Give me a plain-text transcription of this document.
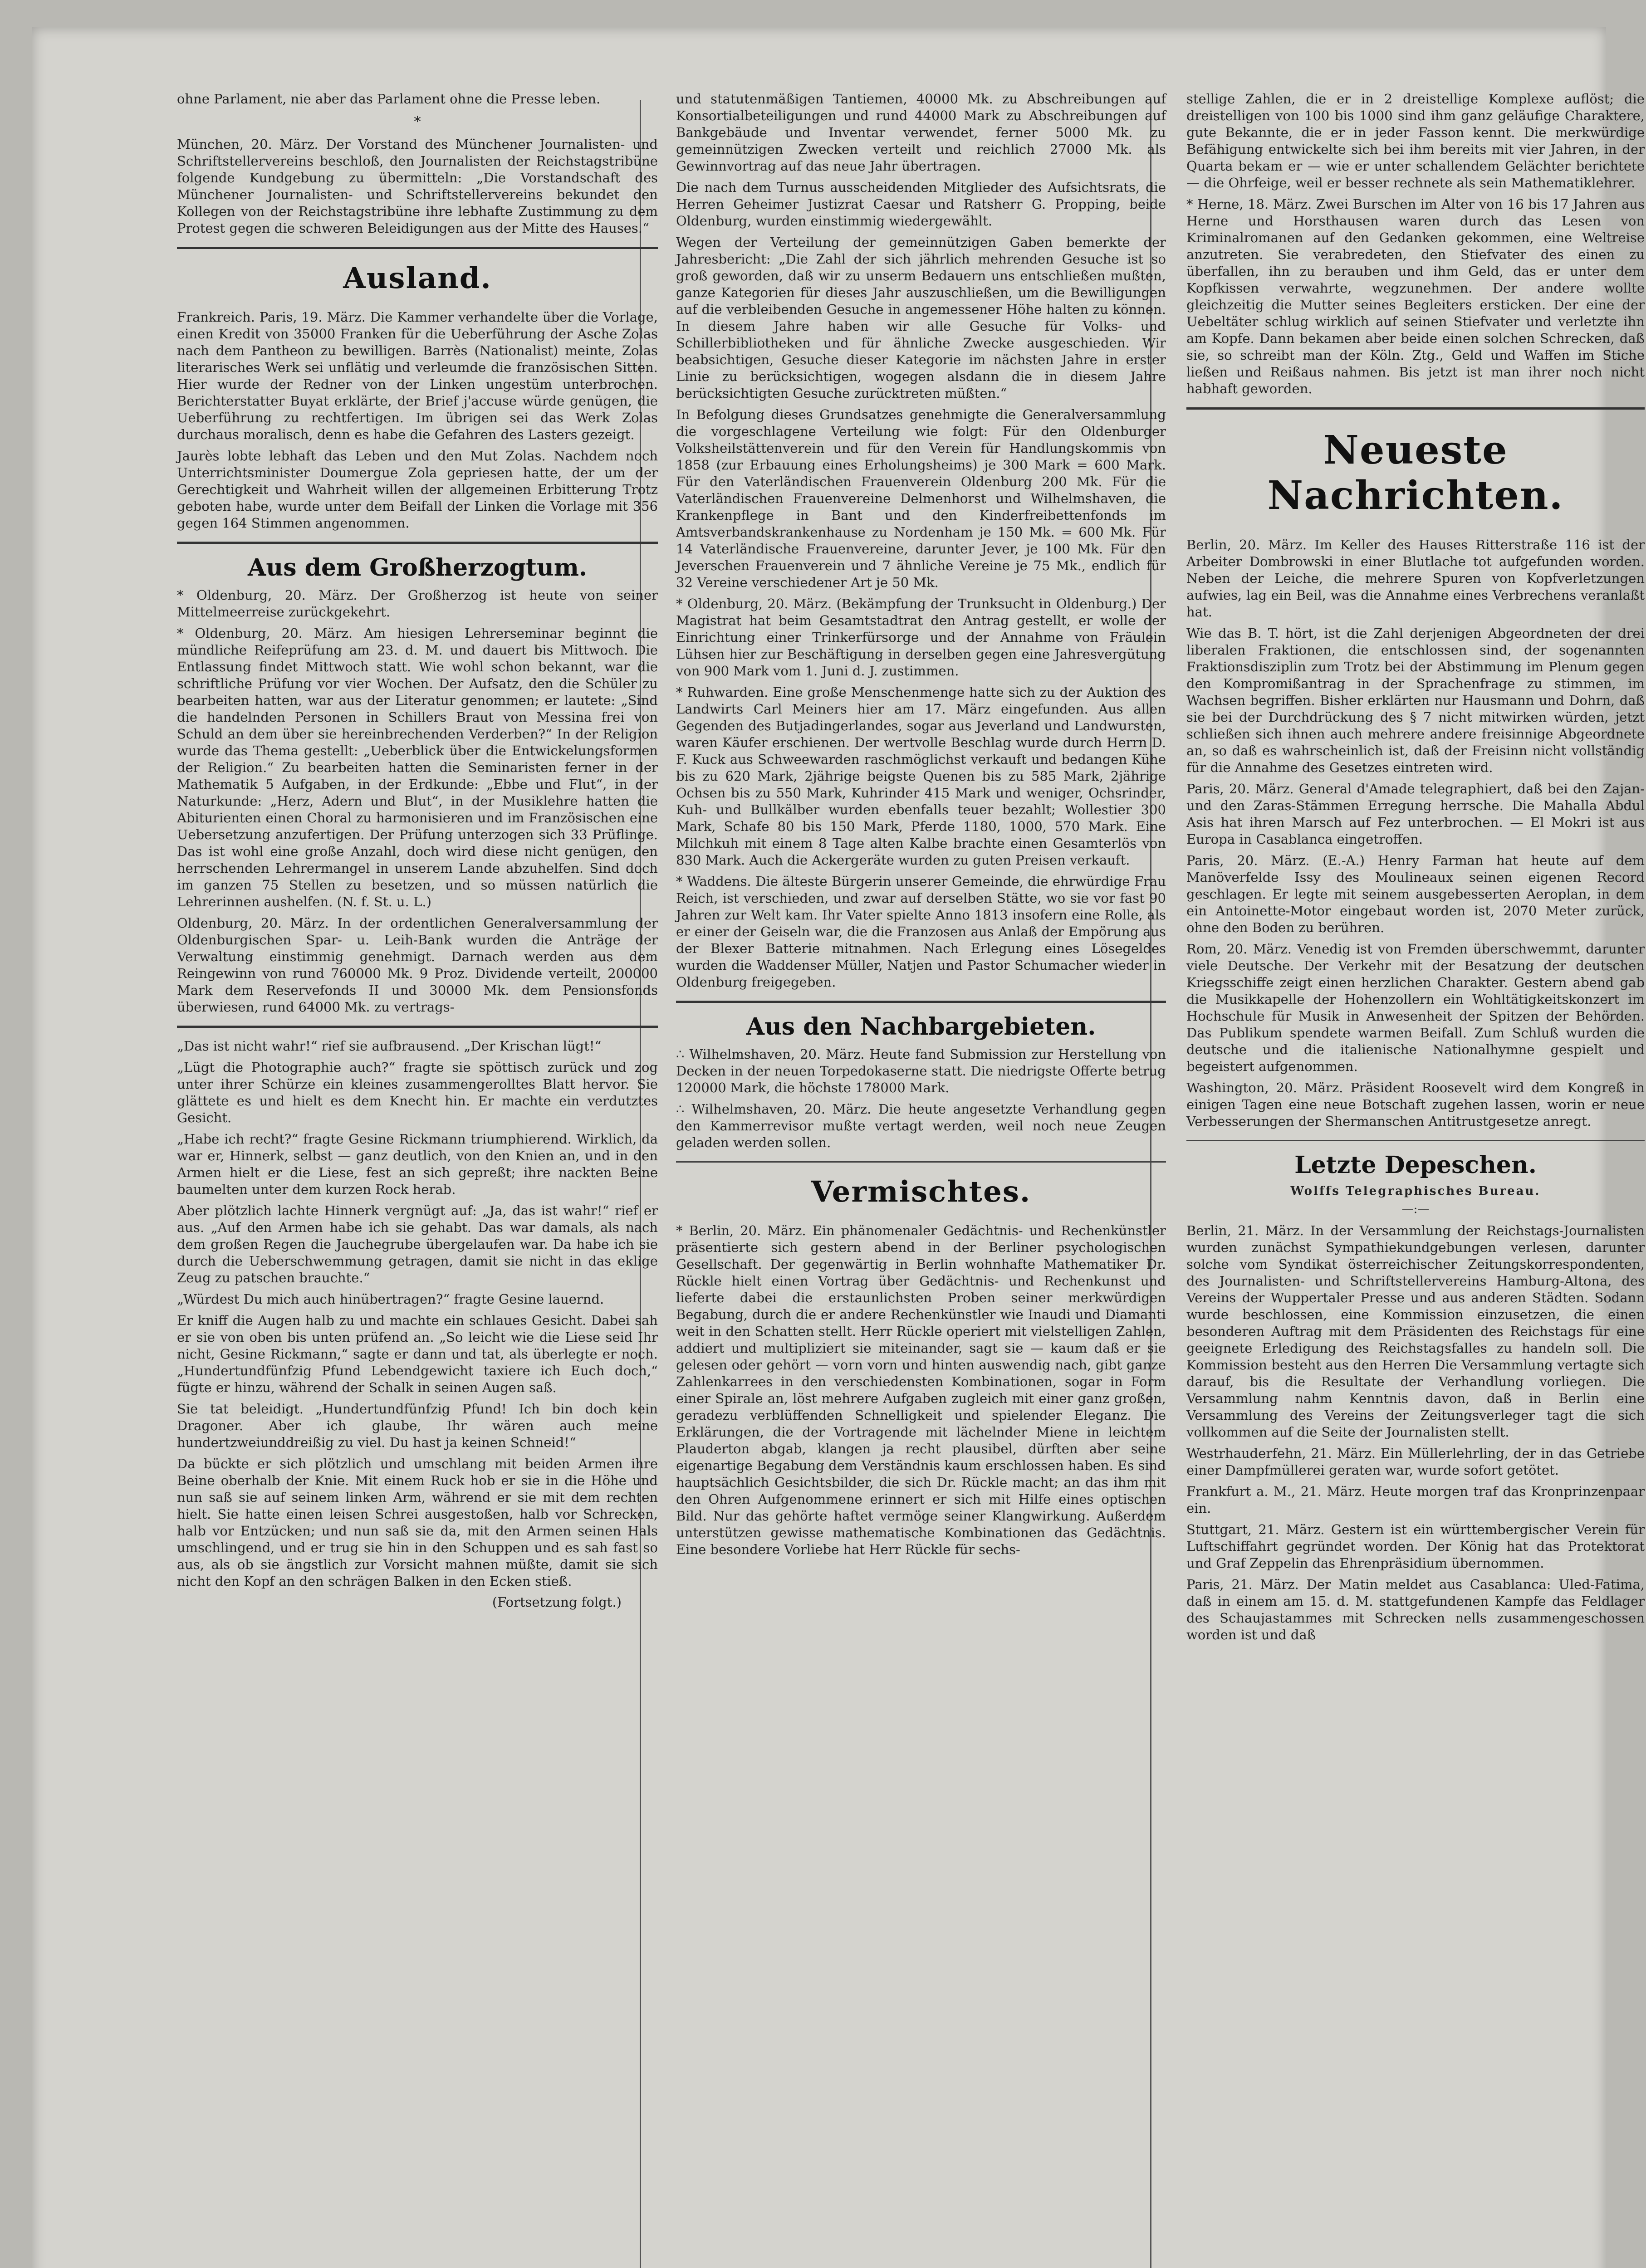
ohne Parlament, nie aber das Parlament ohne die Presse leben.

*

München, 20. März. Der Vorstand des Münchener Journalisten- und Schriftstellervereins beschloß, den Journalisten der Reichstagstribüne folgende Kundgebung zu übermitteln: „Die Vorstandschaft des Münchener Journalisten- und Schriftstellervereins bekundet den Kollegen von der Reichstagstribüne ihre lebhafte Zustimmung zu dem Protest gegen die schweren Beleidigungen aus der Mitte des Hauses.“

Ausland.

Frankreich. Paris, 19. März. Die Kammer verhandelte über die Vorlage, einen Kredit von 35000 Franken für die Ueberführung der Asche Zolas nach dem Pantheon zu bewilligen. Barrès (Nationalist) meinte, Zolas literarisches Werk sei unflätig und verleumde die französischen Sitten. Hier wurde der Redner von der Linken ungestüm unterbrochen. Berichterstatter Buyat erklärte, der Brief j'accuse würde genügen, die Ueberführung zu rechtfertigen. Im übrigen sei das Werk Zolas durchaus moralisch, denn es habe die Gefahren des Lasters gezeigt.

Jaurès lobte lebhaft das Leben und den Mut Zolas. Nachdem noch Unterrichtsminister Doumergue Zola gepriesen hatte, der um der Gerechtigkeit und Wahrheit willen der allgemeinen Erbitterung Trotz geboten habe, wurde unter dem Beifall der Linken die Vorlage mit 356 gegen 164 Stimmen angenommen.

Aus dem Großherzogtum.

* Oldenburg, 20. März. Der Großherzog ist heute von seiner Mittelmeerreise zurückgekehrt.

* Oldenburg, 20. März. Am hiesigen Lehrerseminar beginnt die mündliche Reifeprüfung am 23. d. M. und dauert bis Mittwoch. Die Entlassung findet Mittwoch statt. Wie wohl schon bekannt, war die schriftliche Prüfung vor vier Wochen. Der Aufsatz, den die Schüler zu bearbeiten hatten, war aus der Literatur genommen; er lautete: „Sind die handelnden Personen in Schillers Braut von Messina frei von Schuld an dem über sie hereinbrechenden Verderben?“ In der Religion wurde das Thema gestellt: „Ueberblick über die Entwickelungsformen der Religion.“ Zu bearbeiten hatten die Seminaristen ferner in der Mathematik 5 Aufgaben, in der Erdkunde: „Ebbe und Flut“, in der Naturkunde: „Herz, Adern und Blut“, in der Musiklehre hatten die Abiturienten einen Choral zu harmonisieren und im Französischen eine Uebersetzung anzufertigen. Der Prüfung unterzogen sich 33 Prüflinge. Das ist wohl eine große Anzahl, doch wird diese nicht genügen, den herrschenden Lehrermangel in unserem Lande abzuhelfen. Sind doch im ganzen 75 Stellen zu besetzen, und so müssen natürlich die Lehrerinnen aushelfen. (N. f. St. u. L.)

Oldenburg, 20. März. In der ordentlichen Generalversammlung der Oldenburgischen Spar- u. Leih-Bank wurden die Anträge der Verwaltung einstimmig genehmigt. Darnach werden aus dem Reingewinn von rund 760000 Mk. 9 Proz. Dividende verteilt, 200000 Mark dem Reservefonds II und 30000 Mk. dem Pensionsfonds überwiesen, rund 64000 Mk. zu vertrags-

„Das ist nicht wahr!“ rief sie aufbrausend. „Der Krischan lügt!“

„Lügt die Photographie auch?“ fragte sie spöttisch zurück und zog unter ihrer Schürze ein kleines zusammengerolltes Blatt hervor. Sie glättete es und hielt es dem Knecht hin. Er machte ein verdutztes Gesicht.

„Habe ich recht?“ fragte Gesine Rickmann triumphierend. Wirklich, da war er, Hinnerk, selbst — ganz deutlich, von den Knien an, und in den Armen hielt er die Liese, fest an sich gepreßt; ihre nackten Beine baumelten unter dem kurzen Rock herab.

Aber plötzlich lachte Hinnerk vergnügt auf: „Ja, das ist wahr!“ rief er aus. „Auf den Armen habe ich sie gehabt. Das war damals, als nach dem großen Regen die Jauchegrube übergelaufen war. Da habe ich sie durch die Ueberschwemmung getragen, damit sie nicht in das eklige Zeug zu patschen brauchte.“

„Würdest Du mich auch hinübertragen?“ fragte Gesine lauernd.

Er kniff die Augen halb zu und machte ein schlaues Gesicht. Dabei sah er sie von oben bis unten prüfend an. „So leicht wie die Liese seid Ihr nicht, Gesine Rickmann,“ sagte er dann und tat, als überlegte er noch. „Hundertundfünfzig Pfund Lebendgewicht taxiere ich Euch doch,“ fügte er hinzu, während der Schalk in seinen Augen saß.

Sie tat beleidigt. „Hundertundfünfzig Pfund! Ich bin doch kein Dragoner. Aber ich glaube, Ihr wären auch meine hundertzweiunddreißig zu viel. Du hast ja keinen Schneid!“

Da bückte er sich plötzlich und umschlang mit beiden Armen ihre Beine oberhalb der Knie. Mit einem Ruck hob er sie in die Höhe und nun saß sie auf seinem linken Arm, während er sie mit dem rechten hielt. Sie hatte einen leisen Schrei ausgestoßen, halb vor Schrecken, halb vor Entzücken; und nun saß sie da, mit den Armen seinen Hals umschlingend, und er trug sie hin in den Schuppen und es sah fast so aus, als ob sie ängstlich zur Vorsicht mahnen müßte, damit sie sich nicht den Kopf an den schrägen Balken in den Ecken stieß.

(Fortsetzung folgt.)

und statutenmäßigen Tantiemen, 40000 Mk. zu Abschreibungen auf Konsortialbeteiligungen und rund 44000 Mark zu Abschreibungen auf Bankgebäude und Inventar verwendet, ferner 5000 Mk. zu gemeinnützigen Zwecken verteilt und reichlich 27000 Mk. als Gewinnvortrag auf das neue Jahr übertragen.

Die nach dem Turnus ausscheidenden Mitglieder des Aufsichtsrats, die Herren Geheimer Justizrat Caesar und Ratsherr G. Propping, beide Oldenburg, wurden einstimmig wiedergewählt.

Wegen der Verteilung der gemeinnützigen Gaben bemerkte der Jahresbericht: „Die Zahl der sich jährlich mehrenden Gesuche ist so groß geworden, daß wir zu unserm Bedauern uns entschließen mußten, ganze Kategorien für dieses Jahr auszuschließen, um die Bewilligungen auf die verbleibenden Gesuche in angemessener Höhe halten zu können. In diesem Jahre haben wir alle Gesuche für Volks- und Schillerbibliotheken und für ähnliche Zwecke ausgeschieden. Wir beabsichtigen, Gesuche dieser Kategorie im nächsten Jahre in erster Linie zu berücksichtigen, wogegen alsdann die in diesem Jahre berücksichtigten Gesuche zurücktreten müßten.“

In Befolgung dieses Grundsatzes genehmigte die Generalversammlung die vorgeschlagene Verteilung wie folgt: Für den Oldenburger Volksheilstättenverein und für den Verein für Handlungskommis von 1858 (zur Erbauung eines Erholungsheims) je 300 Mark = 600 Mark. Für den Vaterländischen Frauenverein Oldenburg 200 Mk. Für die Vaterländischen Frauenvereine Delmenhorst und Wilhelmshaven, die Krankenpflege in Bant und den Kinderfreibettenfonds im Amtsverbandskrankenhause zu Nordenham je 150 Mk. = 600 Mk. Für 14 Vaterländische Frauenvereine, darunter Jever, je 100 Mk. Für den Jeverschen Frauenverein und 7 ähnliche Vereine je 75 Mk., endlich für 32 Vereine verschiedener Art je 50 Mk.

* Oldenburg, 20. März. (Bekämpfung der Trunksucht in Oldenburg.) Der Magistrat hat beim Gesamtstadtrat den Antrag gestellt, er wolle der Einrichtung einer Trinkerfürsorge und der Annahme von Fräulein Lühsen hier zur Beschäftigung in derselben gegen eine Jahresvergütung von 900 Mark vom 1. Juni d. J. zustimmen.

* Ruhwarden. Eine große Menschenmenge hatte sich zu der Auktion des Landwirts Carl Meiners hier am 17. März eingefunden. Aus allen Gegenden des Butjadingerlandes, sogar aus Jeverland und Landwursten, waren Käufer erschienen. Der wertvolle Beschlag wurde durch Herrn D. F. Kuck aus Schweewarden raschmöglichst verkauft und bedangen Kühe bis zu 620 Mark, 2jährige beigste Quenen bis zu 585 Mark, 2jährige Ochsen bis zu 550 Mark, Kuhrinder 415 Mark und weniger, Ochsrinder, Kuh- und Bullkälber wurden ebenfalls teuer bezahlt; Wollestier 300 Mark, Schafe 80 bis 150 Mark, Pferde 1180, 1000, 570 Mark. Eine Milchkuh mit einem 8 Tage alten Kalbe brachte einen Gesamterlös von 830 Mark. Auch die Ackergeräte wurden zu guten Preisen verkauft.

* Waddens. Die älteste Bürgerin unserer Gemeinde, die ehrwürdige Frau Reich, ist verschieden, und zwar auf derselben Stätte, wo sie vor fast 90 Jahren zur Welt kam. Ihr Vater spielte Anno 1813 insofern eine Rolle, als er einer der Geiseln war, die die Franzosen aus Anlaß der Empörung aus der Blexer Batterie mitnahmen. Nach Erlegung eines Lösegeldes wurden die Waddenser Müller, Natjen und Pastor Schumacher wieder in Oldenburg freigegeben.

Aus den Nachbargebieten.

∴ Wilhelmshaven, 20. März. Heute fand Submission zur Herstellung von Decken in der neuen Torpedokaserne statt. Die niedrigste Offerte betrug 120000 Mark, die höchste 178000 Mark.

∴ Wilhelmshaven, 20. März. Die heute angesetzte Verhandlung gegen den Kammerrevisor mußte vertagt werden, weil noch neue Zeugen geladen werden sollen.

Vermischtes.

* Berlin, 20. März. Ein phänomenaler Gedächtnis- und Rechenkünstler präsentierte sich gestern abend in der Berliner psychologischen Gesellschaft. Der gegenwärtig in Berlin wohnhafte Mathematiker Dr. Rückle hielt einen Vortrag über Gedächtnis- und Rechenkunst und lieferte dabei die erstaunlichsten Proben seiner merkwürdigen Begabung, durch die er andere Rechenkünstler wie Inaudi und Diamanti weit in den Schatten stellt. Herr Rückle operiert mit vielstelligen Zahlen, addiert und multipliziert sie miteinander, sagt sie — kaum daß er sie gelesen oder gehört — vorn vorn und hinten auswendig nach, gibt ganze Zahlenkarrees in den verschiedensten Kombinationen, sogar in Form einer Spirale an, löst mehrere Aufgaben zugleich mit einer ganz großen, geradezu verblüffenden Schnelligkeit und spielender Eleganz. Die Erklärungen, die der Vortragende mit lächelnder Miene in leichtem Plauderton abgab, klangen ja recht plausibel, dürften aber seine eigenartige Begabung dem Verständnis kaum erschlossen haben. Es sind hauptsächlich Gesichtsbilder, die sich Dr. Rückle macht; an das ihm mit den Ohren Aufgenommene erinnert er sich mit Hilfe eines optischen Bild. Nur das gehörte haftet vermöge seiner Klangwirkung. Außerdem unterstützen gewisse mathematische Kombinationen das Gedächtnis. Eine besondere Vorliebe hat Herr Rückle für sechs-

stellige Zahlen, die er in 2 dreistellige Komplexe auflöst; die dreistelligen von 100 bis 1000 sind ihm ganz geläufige Charaktere, gute Bekannte, die er in jeder Fasson kennt. Die merkwürdige Befähigung entwickelte sich bei ihm bereits mit vier Jahren, in der Quarta bekam er — wie er unter schallendem Gelächter berichtete — die Ohrfeige, weil er besser rechnete als sein Mathematiklehrer.

* Herne, 18. März. Zwei Burschen im Alter von 16 bis 17 Jahren aus Herne und Horsthausen waren durch das Lesen von Kriminalromanen auf den Gedanken gekommen, eine Weltreise anzutreten. Sie verabredeten, den Stiefvater des einen zu überfallen, ihn zu berauben und ihm Geld, das er unter dem Kopfkissen verwahrte, wegzunehmen. Der andere wollte gleichzeitig die Mutter seines Begleiters ersticken. Der eine der Uebeltäter schlug wirklich auf seinen Stiefvater und verletzte ihn am Kopfe. Dann bekamen aber beide einen solchen Schrecken, daß sie, so schreibt man der Köln. Ztg., Geld und Waffen im Stiche ließen und Reißaus nahmen. Bis jetzt ist man ihrer noch nicht habhaft geworden.

Neueste Nachrichten.

Berlin, 20. März. Im Keller des Hauses Ritterstraße 116 ist der Arbeiter Dombrowski in einer Blutlache tot aufgefunden worden. Neben der Leiche, die mehrere Spuren von Kopfverletzungen aufwies, lag ein Beil, was die Annahme eines Verbrechens veranlaßt hat.

Wie das B. T. hört, ist die Zahl derjenigen Abgeordneten der drei liberalen Fraktionen, die entschlossen sind, der sogenannten Fraktionsdisziplin zum Trotz bei der Abstimmung im Plenum gegen den Kompromißantrag in der Sprachenfrage zu stimmen, im Wachsen begriffen. Bisher erklärten nur Hausmann und Dohrn, daß sie bei der Durchdrückung des § 7 nicht mitwirken würden, jetzt schließen sich ihnen auch mehrere andere freisinnige Abgeordnete an, so daß es wahrscheinlich ist, daß der Freisinn nicht vollständig für die Annahme des Gesetzes eintreten wird.

Paris, 20. März. General d'Amade telegraphiert, daß bei den Zajan- und den Zaras-Stämmen Erregung herrsche. Die Mahalla Abdul Asis hat ihren Marsch auf Fez unterbrochen. — El Mokri ist aus Europa in Casablanca eingetroffen.

Paris, 20. März. (E.-A.) Henry Farman hat heute auf dem Manöverfelde Issy des Moulineaux seinen eigenen Record geschlagen. Er legte mit seinem ausgebesserten Aeroplan, in dem ein Antoinette-Motor eingebaut worden ist, 2070 Meter zurück, ohne den Boden zu berühren.

Rom, 20. März. Venedig ist von Fremden überschwemmt, darunter viele Deutsche. Der Verkehr mit der Besatzung der deutschen Kriegsschiffe zeigt einen herzlichen Charakter. Gestern abend gab die Musikkapelle der Hohenzollern ein Wohltätigkeitskonzert im Hochschule für Musik in Anwesenheit der Spitzen der Behörden. Das Publikum spendete warmen Beifall. Zum Schluß wurden die deutsche und die italienische Nationalhymne gespielt und begeistert aufgenommen.

Washington, 20. März. Präsident Roosevelt wird dem Kongreß in einigen Tagen eine neue Botschaft zugehen lassen, worin er neue Verbesserungen der Shermanschen Antitrustgesetze anregt.

Letzte Depeschen.
Wolffs Telegraphisches Bureau.
—:—

Berlin, 21. März. In der Versammlung der Reichstags-Journalisten wurden zunächst Sympathiekundgebungen verlesen, darunter solche vom Syndikat österreichischer Zeitungskorrespondenten, des Journalisten- und Schriftstellervereins Hamburg-Altona, des Vereins der Wuppertaler Presse und aus anderen Städten. Sodann wurde beschlossen, eine Kommission einzusetzen, die einen besonderen Auftrag mit dem Präsidenten des Reichstags für eine geeignete Erledigung des Reichstagsfalles zu handeln soll. Die Kommission besteht aus den Herren Die Versammlung vertagte sich darauf, bis die Resultate der Verhandlung vorliegen. Die Versammlung nahm Kenntnis davon, daß in Berlin eine Versammlung des Vereins der Zeitungsverleger tagt die sich vollkommen auf die Seite der Journalisten stellt.

Westrhauderfehn, 21. März. Ein Müllerlehrling, der in das Getriebe einer Dampfmüllerei geraten war, wurde sofort getötet.

Frankfurt a. M., 21. März. Heute morgen traf das Kronprinzenpaar ein.

Stuttgart, 21. März. Gestern ist ein württembergischer Verein für Luftschiffahrt gegründet worden. Der König hat das Protektorat und Graf Zeppelin das Ehrenpräsidium übernommen.

Paris, 21. März. Der Matin meldet aus Casablanca: Uled-Fatima, daß in einem am 15. d. M. stattgefundenen Kampfe das Feldlager des Schaujastammes mit Schrecken nells zusammengeschossen worden ist und daß
